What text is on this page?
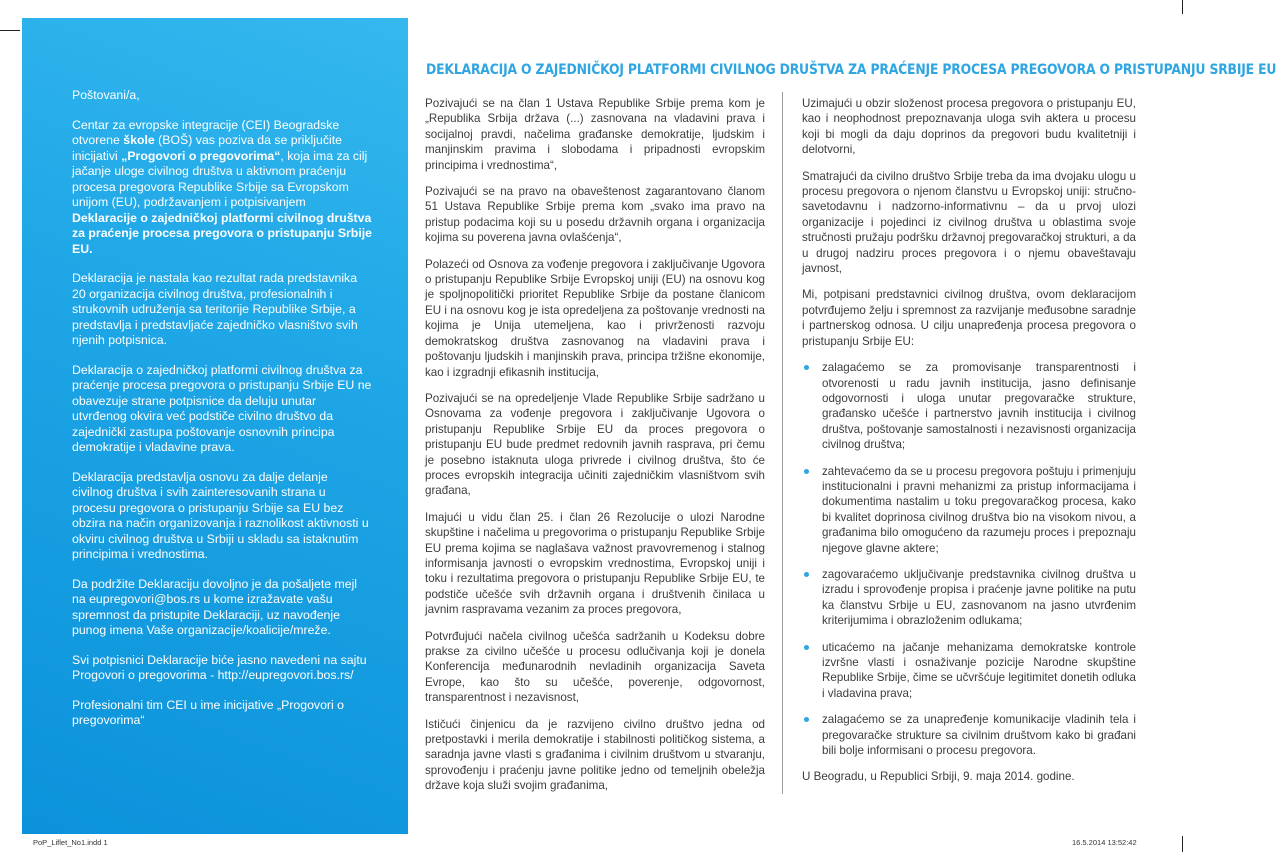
Poštovani/a,

Centar za evropske integracije (CEI) Beogradske otvorene škole (BOŠ) vas poziva da se priključite inicijativi „Progovori o pregovorima“, koja ima za cilj jačanje uloge civilnog društva u aktivnom praćenju procesa pregovora Republike Srbije sa Evropskom unijom (EU), podržavanjem i potpisivanjem Deklaracije o zajedničkoj platformi civilnog društva za praćenje procesa pregovora o pristupanju Srbije EU.

Deklaracija je nastala kao rezultat rada predstavnika 20 organizacija civilnog društva, profesionalnih i strukovnih udruženja sa teritorije Republike Srbije, a predstavlja i predstavljaće zajedničko vlasništvo svih njenih potpisnica.

Deklaracija o zajedničkoj platformi civilnog društva za praćenje procesa pregovora o pristupanju Srbije EU ne obavezuje strane potpisnice da deluju unutar utvrđenog okvira već podstiče civilno društvo da zajednički zastupa poštovanje osnovnih principa demokratije i vladavine prava.

Deklaracija predstavlja osnovu za dalje delanje civilnog društva i svih zainteresovanih strana u procesu pregovora o pristupanju Srbije sa EU bez obzira na način organizovanja i raznolikost aktivnosti u okviru civilnog društva u Srbiji u skladu sa istaknutim principima i vrednostima.

Da podržite Deklaraciju dovoljno je da pošaljete mejl na eupregovori@bos.rs u kome izražavate vašu spremnost da pristupite Deklaraciji, uz navođenje punog imena Vaše organizacije/koalicije/mreže.

Svi potpisnici Deklaracije biće jasno navedeni na sajtu Progovori o pregovorima - http://eupregovori.bos.rs/

Profesionalni tim CEI u ime inicijative „Progovori o pregovorima“

DEKLARACIJA O ZAJEDNIČKOJ PLATFORMI CIVILNOG DRUŠTVA ZA PRAĆENJE PROCESA PREGOVORA O PRISTUPANJU SRBIJE EU

Pozivajući se na član 1 Ustava Republike Srbije prema kom je „Republika Srbija država (...) zasnovana na vladavini prava i socijalnoj pravdi, načelima građanske demokratije, ljudskim i manjinskim pravima i slobodama i pripadnosti evropskim principima i vrednostima“,

Pozivajući se na pravo na obaveštenost zagarantovano članom 51 Ustava Republike Srbije prema kom „svako ima pravo na pristup podacima koji su u posedu državnih organa i organizacija kojima su poverena javna ovlašćenja“,

Polazeći od Osnova za vođenje pregovora i zaključivanje Ugovora o pristupanju Republike Srbije Evropskoj uniji (EU) na osnovu kog je spoljnopolitički prioritet Republike Srbije da postane članicom EU i na osnovu kog je ista opredeljena za poštovanje vrednosti na kojima je Unija utemeljena, kao i privrženosti razvoju demokratskog društva zasnovanog na vladavini prava i poštovanju ljudskih i manjinskih prava, principa tržišne ekonomije, kao i izgradnji efikasnih institucija,

Pozivajući se na opredeljenje Vlade Republike Srbije sadržano u Osnovama za vođenje pregovora i zaključivanje Ugovora o pristupanju Republike Srbije EU da proces pregovora o pristupanju EU bude predmet redovnih javnih rasprava, pri čemu je posebno istaknuta uloga privrede i civilnog društva, što će proces evropskih integracija učiniti zajedničkim vlasništvom svih građana,

Imajući u vidu član 25. i član 26 Rezolucije o ulozi Narodne skupštine i načelima u pregovorima o pristupanju Republike Srbije EU prema kojima se naglašava važnost pravovremenog i stalnog informisanja javnosti o evropskim vrednostima, Evropskoj uniji i toku i rezultatima pregovora o pristupanju Republike Srbije EU, te podstiče učešće svih državnih organa i društvenih činilaca u javnim raspravama vezanim za proces pregovora,

Potvrđujući načela civilnog učešća sadržanih u Kodeksu dobre prakse za civilno učešće u procesu odlučivanja koji je donela Konferencija međunarodnih nevladinih organizacija Saveta Evrope, kao što su učešće, poverenje, odgovornost, transparentnost i nezavisnost,

Ističući činjenicu da je razvijeno civilno društvo jedna od pretpostavki i merila demokratije i stabilnosti političkog sistema, a saradnja javne vlasti s građanima i civilnim društvom u stvaranju, sprovođenju i praćenju javne politike jedno od temeljnih obeležja države koja služi svojim građanima,

Uzimajući u obzir složenost procesa pregovora o pristupanju EU, kao i neophodnost prepoznavanja uloga svih aktera u procesu koji bi mogli da daju doprinos da pregovori budu kvalitetniji i delotvorni,

Smatrajući da civilno društvo Srbije treba da ima dvojaku ulogu u procesu pregovora o njenom članstvu u Evropskoj uniji: stručno-savetodavnu i nadzorno-informativnu – da u prvoj ulozi organizacije i pojedinci iz civilnog društva u oblastima svoje stručnosti pružaju podršku državnoj pregovaračkoj strukturi, a da u drugoj nadziru proces pregovora i o njemu obaveštavaju javnost,

Mi, potpisani predstavnici civilnog društva, ovom deklaracijom potvrđujemo želju i spremnost za razvijanje međusobne saradnje i partnerskog odnosa. U cilju unapređenja procesa pregovora o pristupanju Srbije EU:

zalagaćemo se za promovisanje transparentnosti i otvorenosti u radu javnih institucija, jasno definisanje odgovornosti i uloga unutar pregovaračke strukture, građansko učešće i partnerstvo javnih institucija i civilnog društva, poštovanje samostalnosti i nezavisnosti organizacija civilnog društva;
zahtevaćemo da se u procesu pregovora poštuju i primenjuju institucionalni i pravni mehanizmi za pristup informacijama i dokumentima nastalim u toku pregovaračkog procesa, kako bi kvalitet doprinosa civilnog društva bio na visokom nivou, a građanima bilo omogućeno da razumeju proces i prepoznaju njegove glavne aktere;
zagovaraćemo uključivanje predstavnika civilnog društva u izradu i sprovođenje propisa i praćenje javne politike na putu ka članstvu Srbije u EU, zasnovanom na jasno utvrđenim kriterijumima i obrazloženim odlukama;
uticaćemo na jačanje mehanizama demokratske kontrole izvršne vlasti i osnaživanje pozicije Narodne skupštine Republike Srbije, čime se učvršćuje legitimitet donetih odluka i vladavina prava;
zalagaćemo se za unapređenje komunikacije vladinih tela i pregovaračke strukture sa civilnim društvom kako bi građani bili bolje informisani o procesu pregovora.

U Beogradu, u Republici Srbiji, 9. maja 2014. godine.

PoP_Liflet_No1.indd 1	16.5.2014 13:52:42
